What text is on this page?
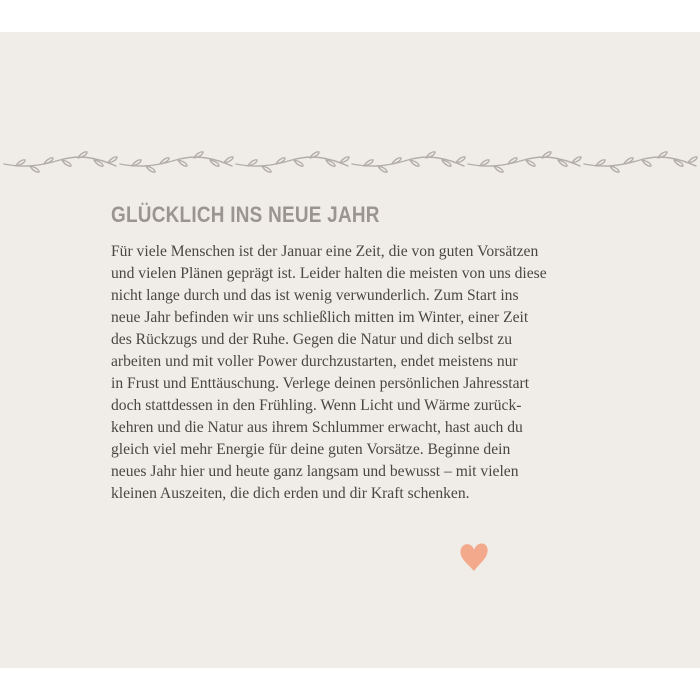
GLÜCKLICH INS NEUE JAHR

Für viele Menschen ist der Januar eine Zeit, die von guten Vorsätzen
und vielen Plänen geprägt ist. Leider halten die meisten von uns diese
nicht lange durch und das ist wenig verwunderlich. Zum Start ins
neue Jahr befinden wir uns schließlich mitten im Winter, einer Zeit
des Rückzugs und der Ruhe. Gegen die Natur und dich selbst zu
arbeiten und mit voller Power durchzustarten, endet meistens nur
in Frust und Enttäuschung. Verlege deinen persönlichen Jahresstart
doch stattdessen in den Frühling. Wenn Licht und Wärme zurück-
kehren und die Natur aus ihrem Schlummer erwacht, hast auch du
gleich viel mehr Energie für deine guten Vorsätze. Beginne dein
neues Jahr hier und heute ganz langsam und bewusst – mit vielen
kleinen Auszeiten, die dich erden und dir Kraft schenken.
